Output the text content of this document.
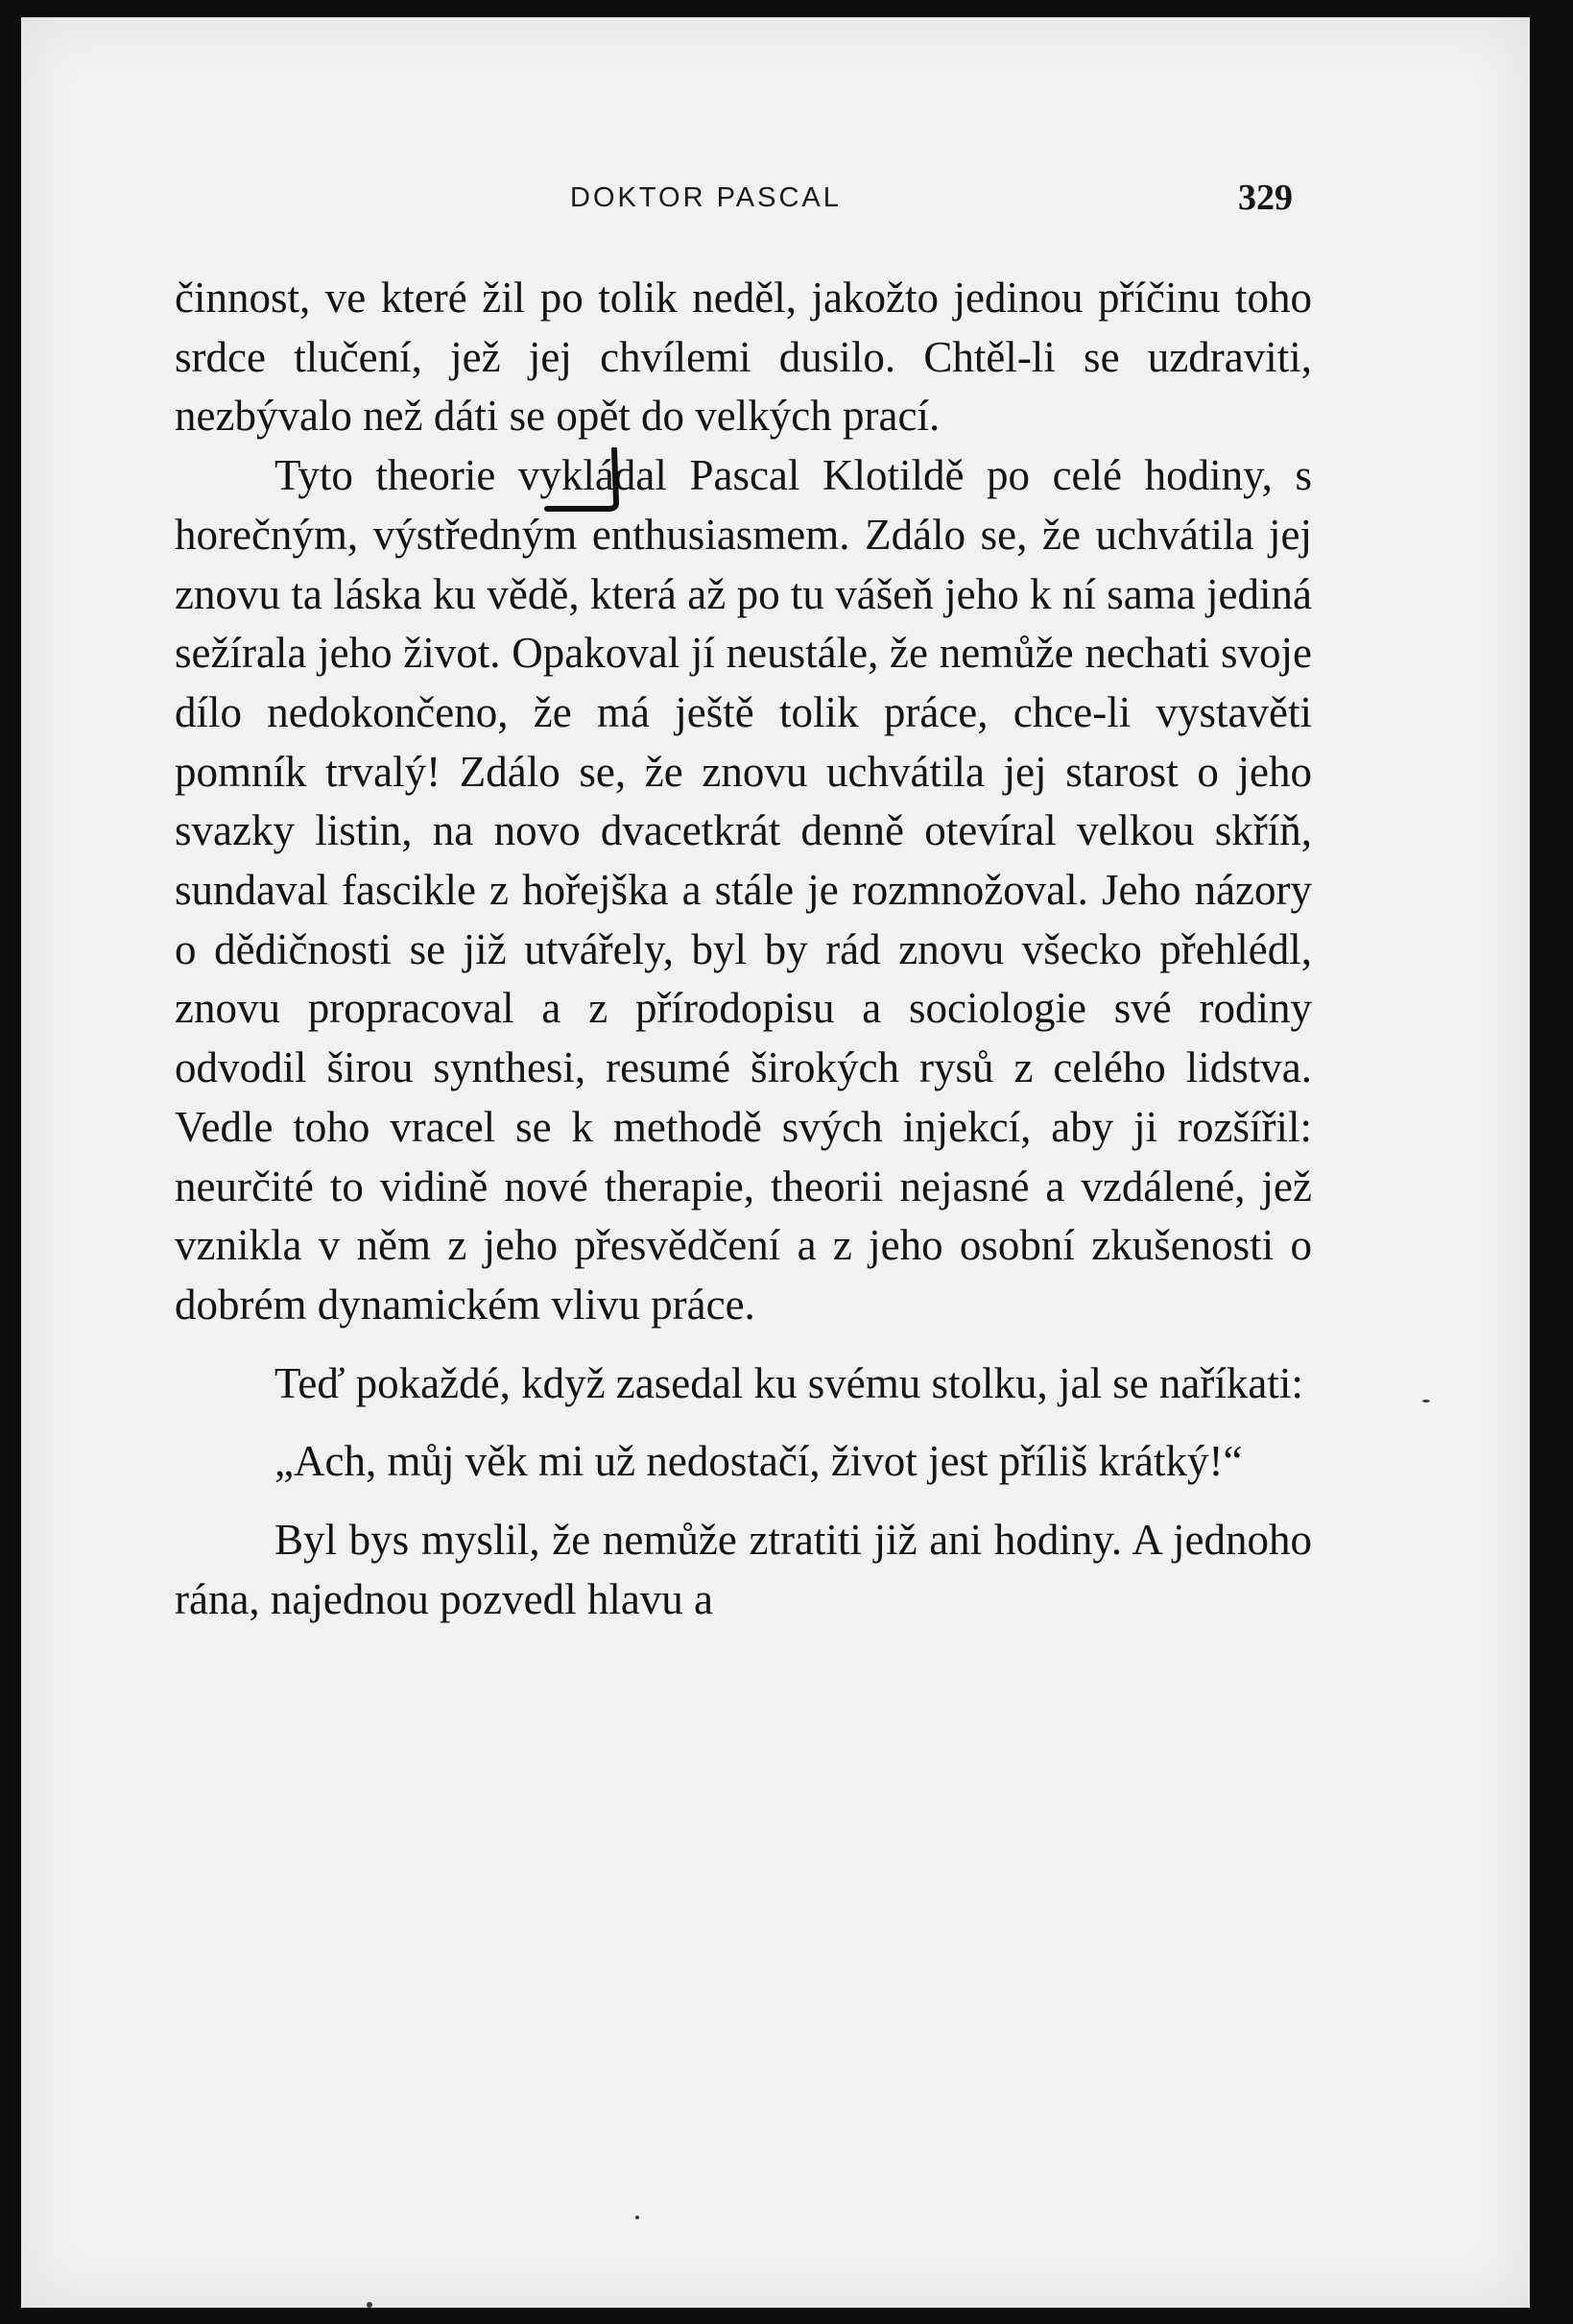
DOKTOR PASCAL	329

činnost, ve které žil po tolik neděl, jakožto jedinou příčinu toho srdce tlučení, jež jej chvílemi dusilo. Chtěl-li se uzdraviti, nezbývalo než dáti se opět do velkých prací.

Tyto theorie vykládal Pascal Klotildě po celé hodiny, s horečným, výstředným enthusiasmem. Zdálo se, že uchvátila jej znovu ta láska ku vědě, která až po tu vášeň jeho k ní sama jediná sežírala jeho život. Opakoval jí neustále, že nemůže nechati svoje dílo nedokončeno, že má ještě tolik práce, chce-li vystavěti pomník trvalý! Zdálo se, že znovu uchvátila jej starost o jeho svazky listin, na novo dvacetkrát denně otevíral velkou skříň, sundaval fascikle z hořejška a stále je rozmnožoval. Jeho názory o dědičnosti se již utvářely, byl by rád znovu všecko přehlédl, znovu propracoval a z přírodopisu a sociologie své rodiny odvodil širou synthesi, resumé širokých rysů z celého lidstva. Vedle toho vracel se k methodě svých injekcí, aby ji rozšířil: neurčité to vidině nové therapie, theorii nejasné a vzdálené, jež vznikla v něm z jeho přesvědčení a z jeho osobní zkušenosti o dobrém dynamickém vlivu práce.

Teď pokaždé, když zasedal ku svému stolku, jal se naříkati:

„Ach, můj věk mi už nedostačí, život jest příliš krátký!“

Byl bys myslil, že nemůže ztratiti již ani hodiny. A jednoho rána, najednou pozvedl hlavu a
